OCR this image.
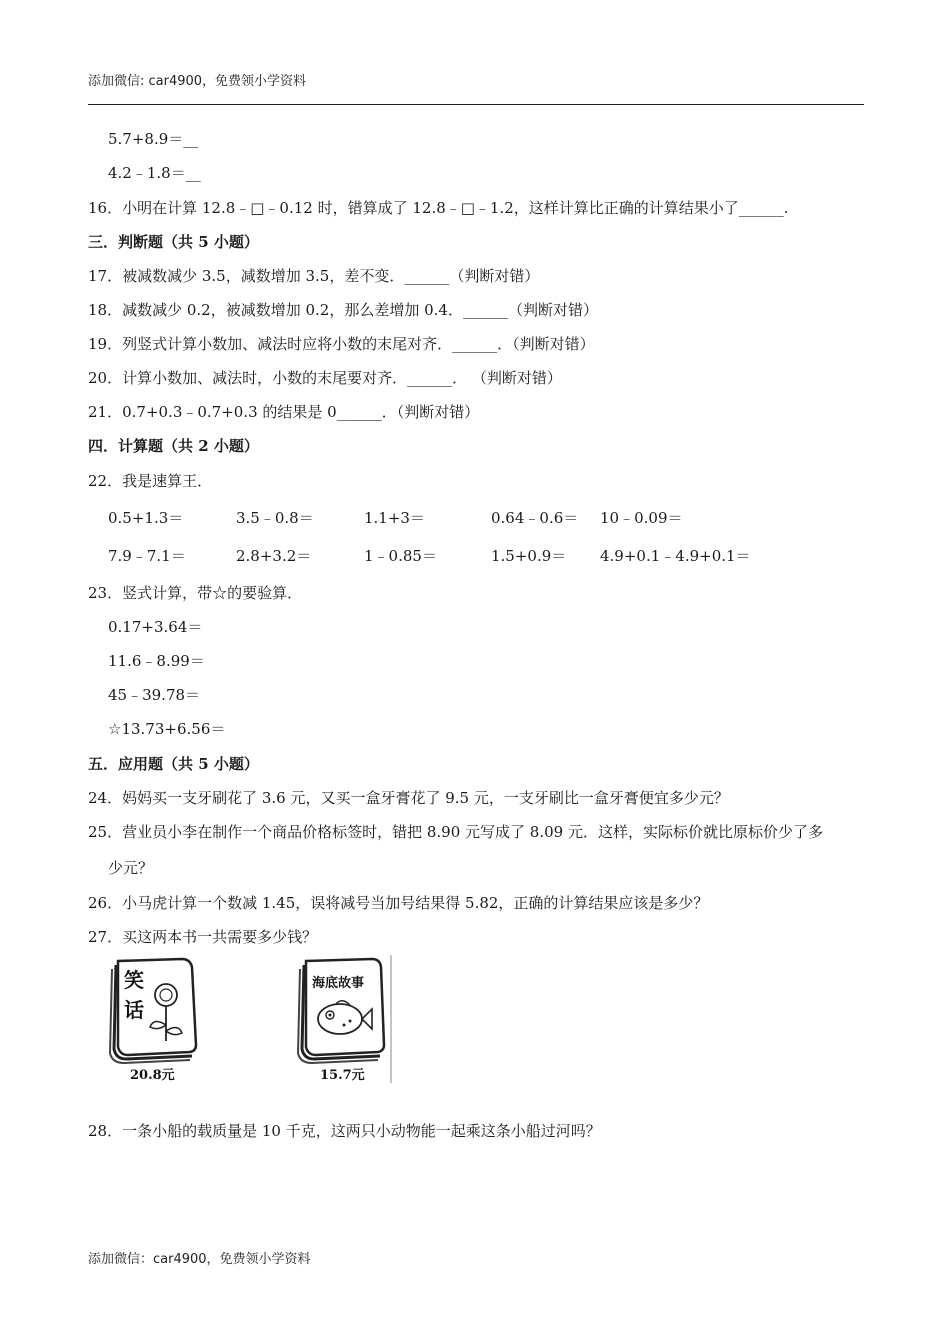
添加微信: car4900，免费领小学资料
5.7+8.9＝__
4.2﹣1.8＝__
16．小明在计算 12.8﹣□﹣0.12 时，错算成了 12.8﹣□﹣1.2，这样计算比正确的计算结果小了______.
三．判断题（共 5 小题）
17．被减数减少 3.5，减数增加 3.5，差不变．______（判断对错）
18．减数减少 0.2，被减数增加 0.2，那么差增加 0.4．______（判断对错）
19．列竖式计算小数加、减法时应将小数的末尾对齐．______．（判断对错）
20．计算小数加、减法时，小数的末尾要对齐．______． （判断对错）
21．0.7+0.3﹣0.7+0.3 的结果是 0______．（判断对错）
四．计算题（共 2 小题）
22．我是速算王．
0.5+1.3＝	3.5﹣0.8＝	1.1+3＝	0.64﹣0.6＝ 10﹣0.09＝
7.9﹣7.1＝	2.8+3.2＝	1﹣0.85＝	1.5+0.9＝ 4.9+0.1﹣4.9+0.1＝
23．竖式计算，带☆的要验算．
0.17+3.64＝
11.6﹣8.99＝
45﹣39.78＝
☆13.73+6.56＝
五．应用题（共 5 小题）
24．妈妈买一支牙刷花了 3.6 元，又买一盒牙膏花了 9.5 元，一支牙刷比一盒牙膏便宜多少元？
25．营业员小李在制作一个商品价格标签时，错把 8.90 元写成了 8.09 元．这样，实际标价就比原标价少了多
少元？
26．小马虎计算一个数减 1.45，误将减号当加号结果得 5.82，正确的计算结果应该是多少？
27．买这两本书一共需要多少钱？
笑
话
20.8元
海底故事
15.7元
28．一条小船的载质量是 10 千克，这两只小动物能一起乘这条小船过河吗？
添加微信：car4900，免费领小学资料
